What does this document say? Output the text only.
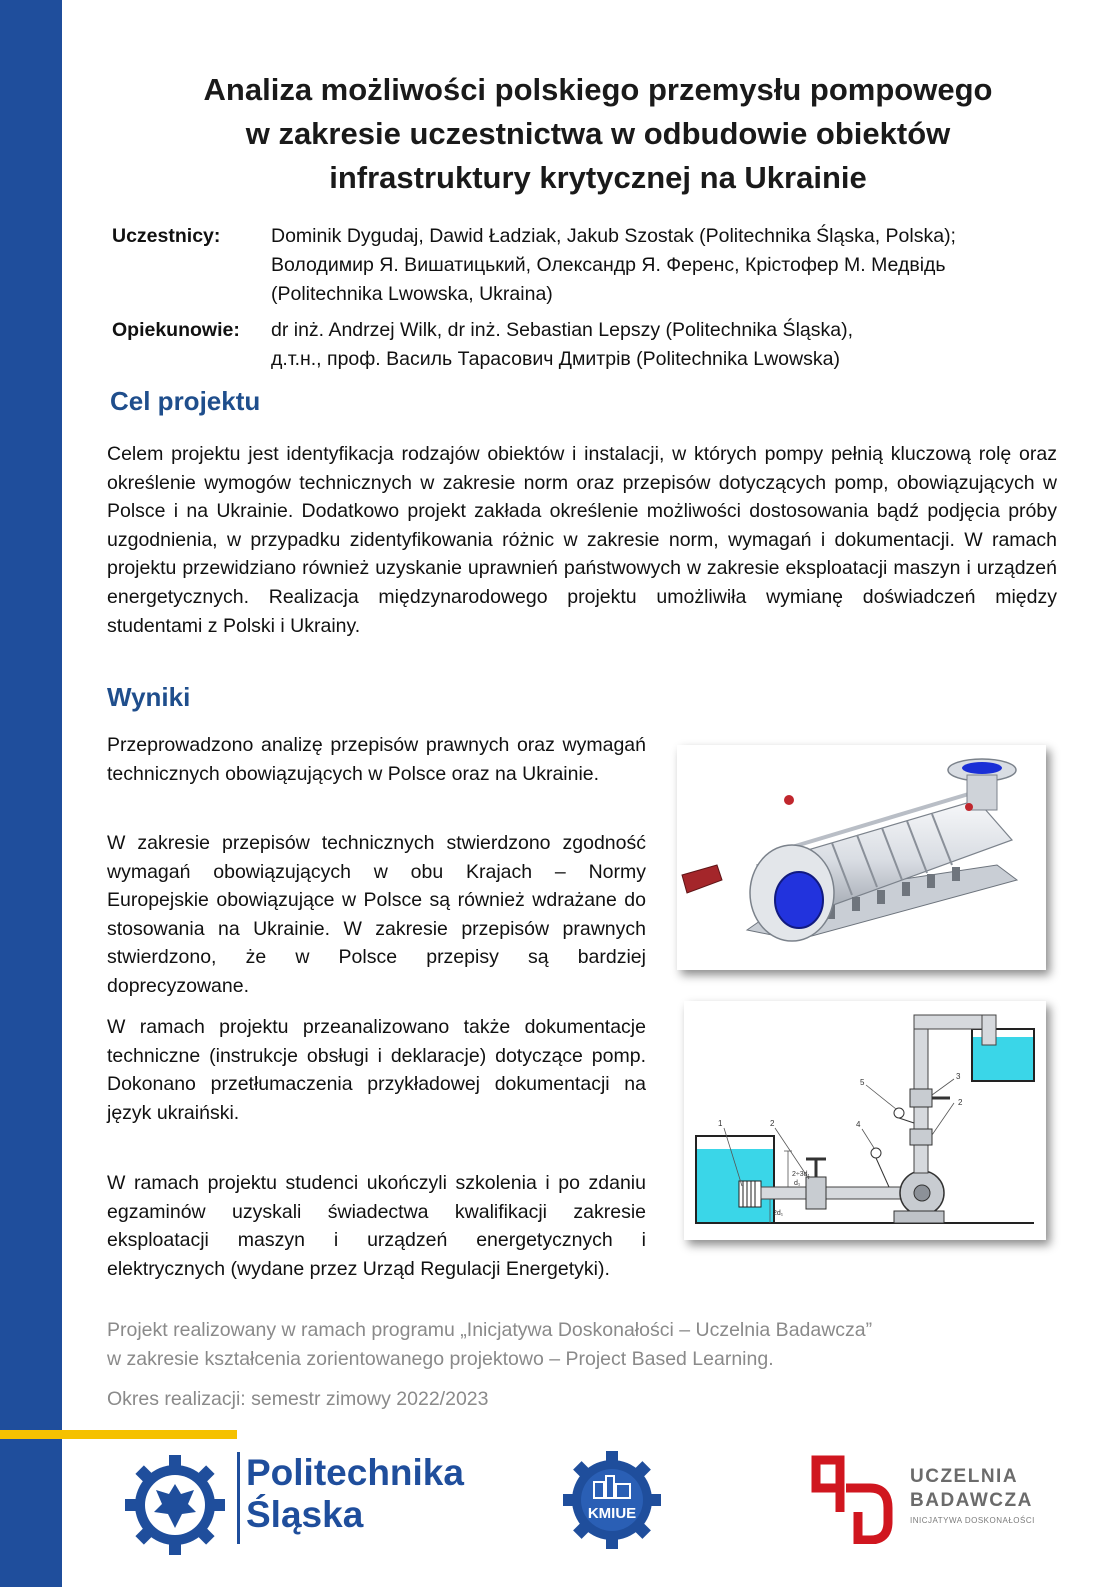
Analiza możliwości polskiego przemysłu pompowego
w zakresie uczestnictwa w odbudowie obiektów
infrastruktury krytycznej na Ukrainie
Uczestnicy:	Dominik Dygudaj, Dawid Ładziak, Jakub Szostak (Politechnika Śląska, Polska);
Володимир Я. Вишатицький, Олександр Я. Ференс, Крістофер М. Медвідь
(Politechnika Lwowska, Ukraina)
Opiekunowie: dr inż. Andrzej Wilk, dr inż. Sebastian Lepszy (Politechnika Śląska),
д.т.н., проф. Василь Тарасович Дмитрів (Politechnika Lwowska)
Cel projektu

Celem projektu jest identyfikacja rodzajów obiektów i instalacji, w których pompy pełnią kluczową rolę oraz określenie wymogów technicznych w zakresie norm oraz przepisów dotyczących pomp, obowiązujących w Polsce i na Ukrainie. Dodatkowo projekt zakłada określenie możliwości dostosowania bądź podjęcia próby uzgodnienia, w przypadku zidentyfikowania różnic w zakresie norm, wymagań i dokumentacji. W ramach projektu przewidziano również uzyskanie uprawnień państwowych w zakresie eksploatacji maszyn i urządzeń energetycznych. Realizacja międzynarodowego projektu umożliwiła wymianę doświadczeń między studentami z Polski i Ukrainy.

Wyniki

Przeprowadzono analizę przepisów prawnych oraz wymagań technicznych obowiązujących w Polsce oraz na Ukrainie.

W zakresie przepisów technicznych stwierdzono zgodność wymagań obowiązujących w obu Krajach – Normy Europejskie obowiązujące w Polsce są również wdrażane do stosowania na Ukrainie. W zakresie przepisów prawnych stwierdzono, że w Polsce przepisy są bardziej doprecyzowane.

W ramach projektu przeanalizowano także dokumentacje techniczne (instrukcje obsługi i deklaracje) dotyczące pomp. Dokonano przetłumaczenia przykładowej dokumentacji na język ukraiński.

W ramach projektu studenci ukończyli szkolenia i po zdaniu egzaminów uzyskali świadectwa kwalifikacji zakresie eksploatacji maszyn i urządzeń energetycznych i elektrycznych (wydane przez Urząd Regulacji Energetyki).

1	2
2
3
4
5
2÷3d₁
d₁
2d₁

Projekt realizowany w ramach programu „Inicjatywa Doskonałości – Uczelnia Badawcza”
w zakresie kształcenia zorientowanego projektowo – Project Based Learning.

Okres realizacji: semestr zimowy 2022/2023

Politechnika
Śląska	KMIUE
UCZELNIA
BADAWCZA
INICJATYWA DOSKONAŁOŚCI
